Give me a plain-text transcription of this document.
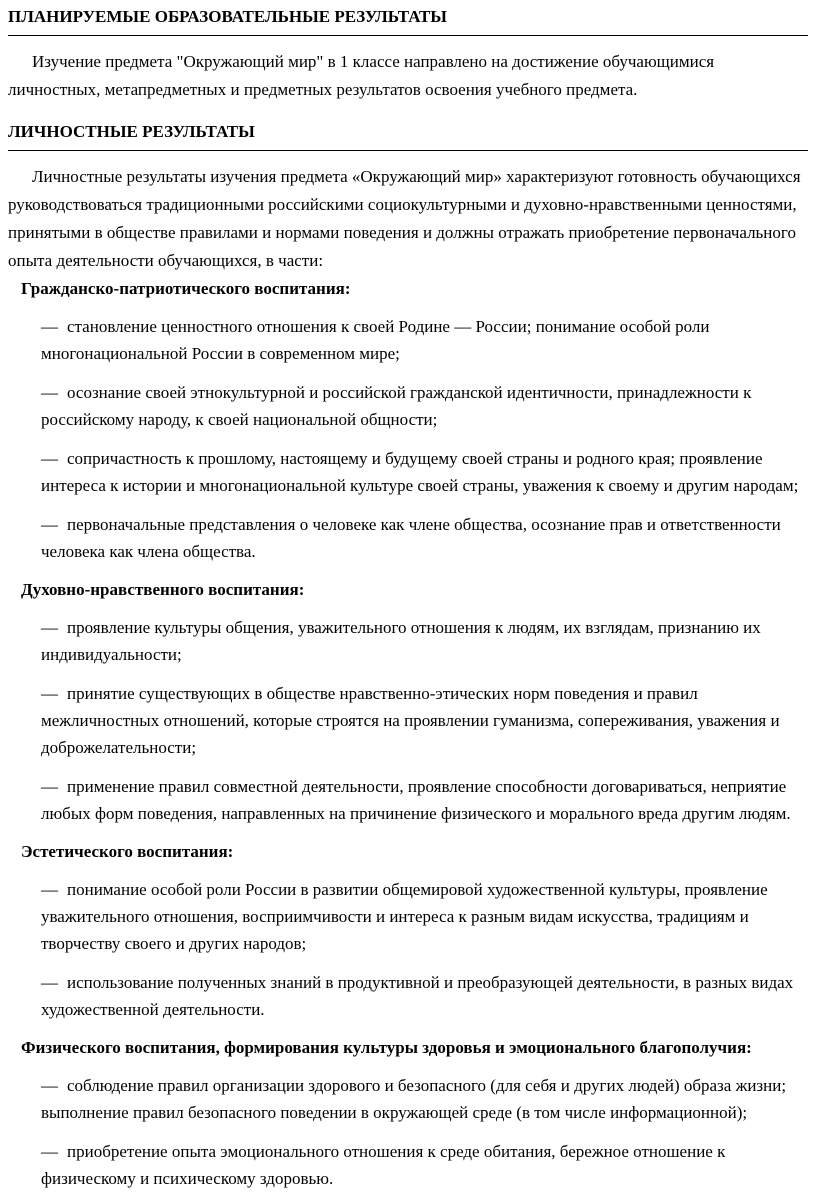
ПЛАНИРУЕМЫЕ ОБРАЗОВАТЕЛЬНЫЕ РЕЗУЛЬТАТЫ

Изучение предмета "Окружающий мир" в 1 классе направлено на достижение обучающимися личностных, метапредметных и предметных результатов освоения учебного предмета.

ЛИЧНОСТНЫЕ РЕЗУЛЬТАТЫ

Личностные результаты изучения предмета «Окружающий мир» характеризуют готовность обучающихся руководствоваться традиционными российскими социокультурными и духовно-нравственными ценностями, принятыми в обществе правилами и нормами поведения и должны отражать приобретение первоначального опыта деятельности обучающихся, в части:

Гражданско-патриотического воспитания:

— становление ценностного отношения к своей Родине — России; понимание особой роли многонациональной России в современном мире;

— осознание своей этнокультурной и российской гражданской идентичности, принадлежности к российскому народу, к своей национальной общности;

— сопричастность к прошлому, настоящему и будущему своей страны и родного края; проявление интереса к истории и многонациональной культуре своей страны, уважения к своему и другим народам;

— первоначальные представления о человеке как члене общества, осознание прав и ответственности человека как члена общества.

Духовно-нравственного воспитания:

— проявление культуры общения, уважительного отношения к людям, их взглядам, признанию их индивидуальности;

— принятие существующих в обществе нравственно-этических норм поведения и правил межличностных отношений, которые строятся на проявлении гуманизма, сопереживания, уважения и доброжелательности;

— применение правил совместной деятельности, проявление способности договариваться, неприятие любых форм поведения, направленных на причинение физического и морального вреда другим людям.

Эстетического воспитания:

— понимание особой роли России в развитии общемировой художественной культуры, проявление уважительного отношения, восприимчивости и интереса к разным видам искусства, традициям и творчеству своего и других народов;

— использование полученных знаний в продуктивной и преобразующей деятельности, в разных видах художественной деятельности.

Физического воспитания, формирования культуры здоровья и эмоционального благополучия:

— соблюдение правил организации здорового и безопасного (для себя и других людей) образа жизни; выполнение правил безопасного поведении в окружающей среде (в том числе информационной);

— приобретение опыта эмоционального отношения к среде обитания, бережное отношение к физическому и психическому здоровью.
